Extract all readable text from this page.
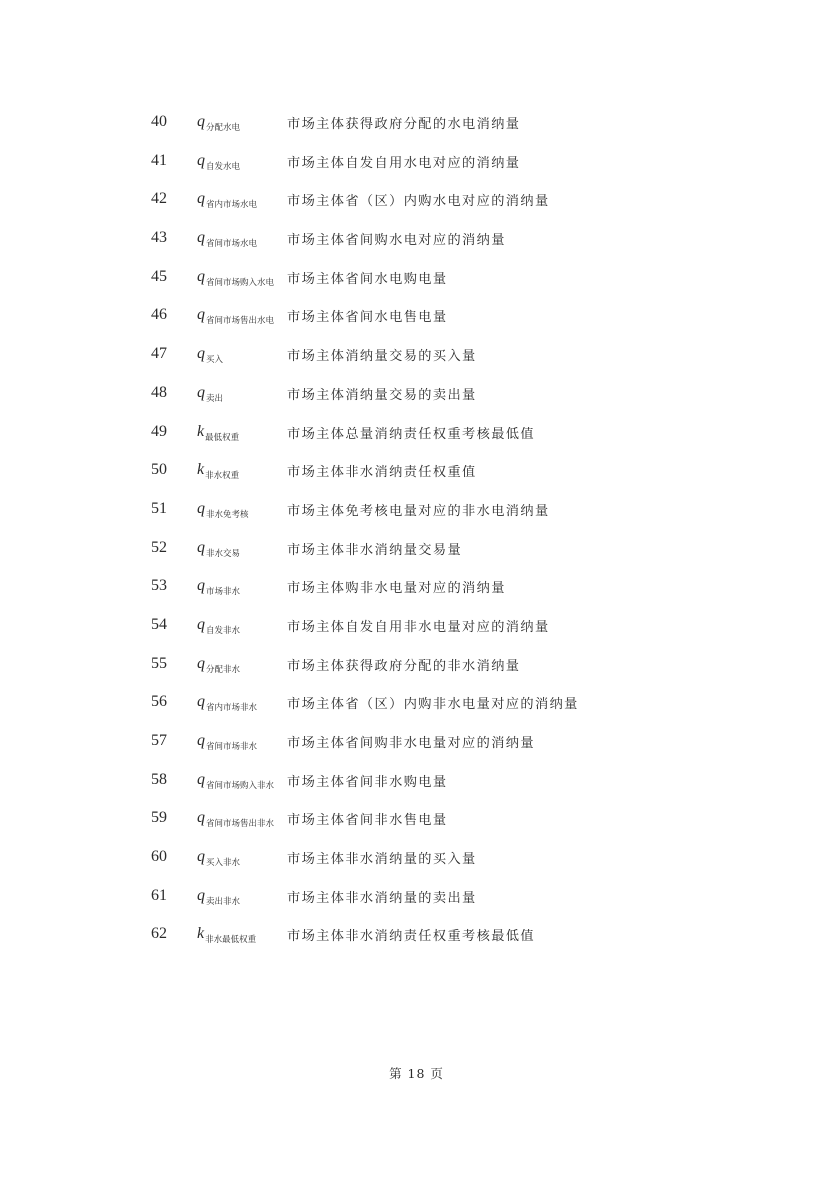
40 $q_{分配水电}$	市场主体获得政府分配的水电消纳量
41 $q_{自发水电}$	市场主体自发自用水电对应的消纳量
42 $q_{省内市场水电}$ 市场主体省（区）内购水电对应的消纳量
43 $q_{省间市场水电}$ 市场主体省间购水电对应的消纳量
45 $q_{省间市场购入水电}$ 市场主体省间水电购电量
46 $q_{省间市场售出水电}$ 市场主体省间水电售电量
47 $q_{买入}$	市场主体消纳量交易的买入量
48 $q_{卖出}$	市场主体消纳量交易的卖出量
49 $k_{最低权重}$	市场主体总量消纳责任权重考核最低值
50 $k_{非水权重}$	市场主体非水消纳责任权重值
51 $q_{非水免考核}$	市场主体免考核电量对应的非水电消纳量
52 $q_{非水交易}$	市场主体非水消纳量交易量
53 $q_{市场非水}$	市场主体购非水电量对应的消纳量
54 $q_{自发非水}$	市场主体自发自用非水电量对应的消纳量
55 $q_{分配非水}$	市场主体获得政府分配的非水消纳量
56 $q_{省内市场非水}$ 市场主体省（区）内购非水电量对应的消纳量
57 $q_{省间市场非水}$ 市场主体省间购非水电量对应的消纳量
58 $q_{省间市场购入非水}$ 市场主体省间非水购电量
59 $q_{省间市场售出非水}$ 市场主体省间非水售电量
60 $q_{买入非水}$	市场主体非水消纳量的买入量
61 $q_{卖出非水}$	市场主体非水消纳量的卖出量
62 $k_{非水最低权重}$ 市场主体非水消纳责任权重考核最低值
第 18 页
